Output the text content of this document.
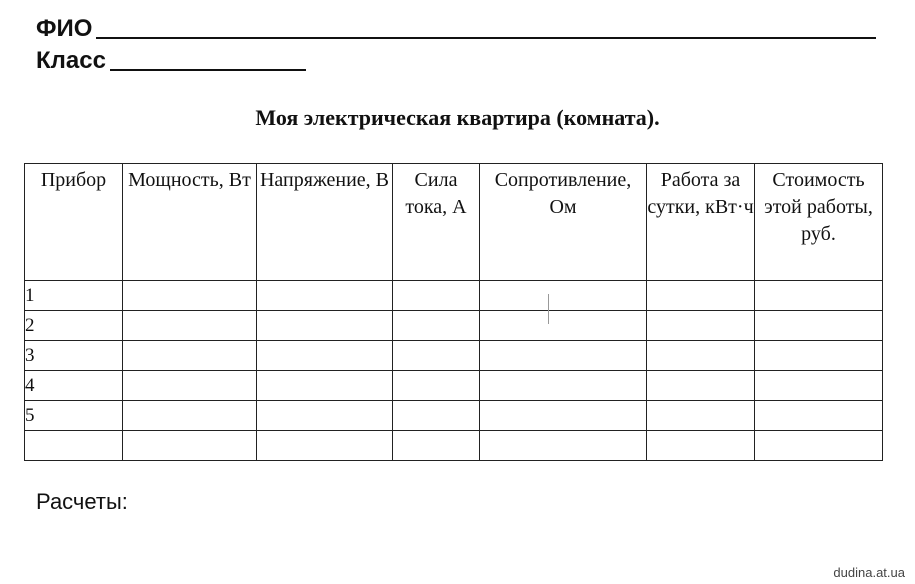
ФИО
Класс
Моя электрическая квартира (комната).
Прибор	Мощность, Вт	Напряжение, В	Сила тока, А	Сопротивление, Ом	Работа за сутки, кВт·ч	Стоимость этой работы, руб.
1						
2						
3						
4						
5						

Расчеты:
dudina.at.ua
